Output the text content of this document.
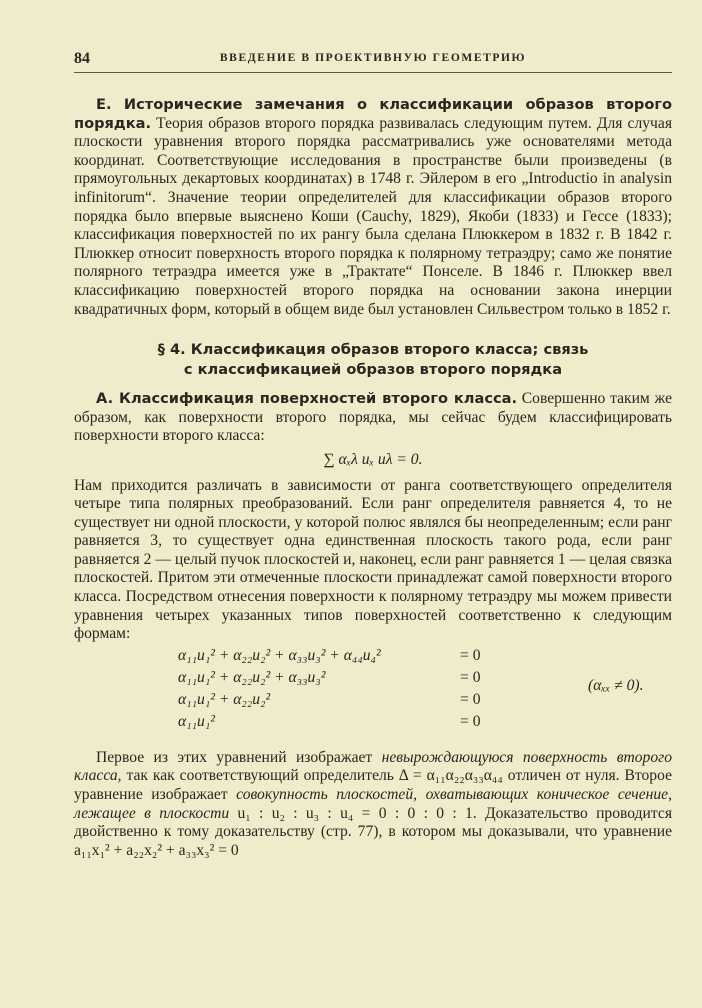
84	ВВЕДЕНИЕ В ПРОЕКТИВНУЮ ГЕОМЕТРИЮ

E. Исторические замечания о классификации образов второго порядка. Теория образов второго порядка развивалась следующим путем. Для случая плоскости уравнения второго порядка рассматривались уже основателями метода координат. Соответствующие исследования в пространстве были произведены (в прямоугольных декартовых координатах) в 1748 г. Эйлером в его „Introductio in analysin infinitorum“. Значение теории определителей для классификации образов второго порядка было впервые выяснено Коши (Cauchy, 1829), Якоби (1833) и Гессе (1833); классификация поверхностей по их рангу была сделана Плюккером в 1832 г. В 1842 г. Плюккер относит поверхность второго порядка к полярному тетраэдру; само же понятие полярного тетраэдра имеется уже в „Трактате“ Понселе. В 1846 г. Плюккер ввел классификацию поверхностей второго порядка на основании закона инерции квадратичных форм, который в общем виде был установлен Сильвестром только в 1852 г.

§ 4. Классификация образов второго класса; связь
с классификацией образов второго порядка

A. Классификация поверхностей второго класса. Совершенно таким же образом, как поверхности второго порядка, мы сейчас будем классифицировать поверхности второго класса:

∑ αₓλ uₓ uλ = 0.

Нам приходится различать в зависимости от ранга соответствующего определителя четыре типа полярных преобразований. Если ранг определителя равняется 4, то не существует ни одной плоскости, у которой полюс являлся бы неопределенным; если ранг равняется 3, то существует одна единственная плоскость такого рода, если ранг равняется 2 — целый пучок плоскостей и, наконец, если ранг равняется 1 — целая связка плоскостей. Притом эти отмеченные плоскости принадлежат самой поверхности второго класса. Посредством отнесения поверхности к полярному тетраэдру мы можем привести уравнения четырех указанных типов поверхностей соответственно к следующим формам:

α₁₁u₁² + α₂₂u₂² + α₃₃u₃² + α₄₄u₄²	= 0
α₁₁u₁² + α₂₂u₂² + α₃₃u₃²	= 0
α₁₁u₁² + α₂₂u₂²	= 0
α₁₁u₁²	= 0
(αₓₓ ≠ 0).

Первое из этих уравнений изображает невырождающуюся поверхность второго класса, так как соответствующий определитель Δ = α₁₁α₂₂α₃₃α₄₄ отличен от нуля. Второе уравнение изображает совокупность плоскостей, охватывающих коническое сечение, лежащее в плоскости u₁ : u₂ : u₃ : u₄ = 0 : 0 : 0 : 1. Доказательство проводится двойственно к тому доказательству (стр. 77), в котором мы доказывали, что уравнение a₁₁x₁² + a₂₂x₂² + a₃₃x₃² = 0
